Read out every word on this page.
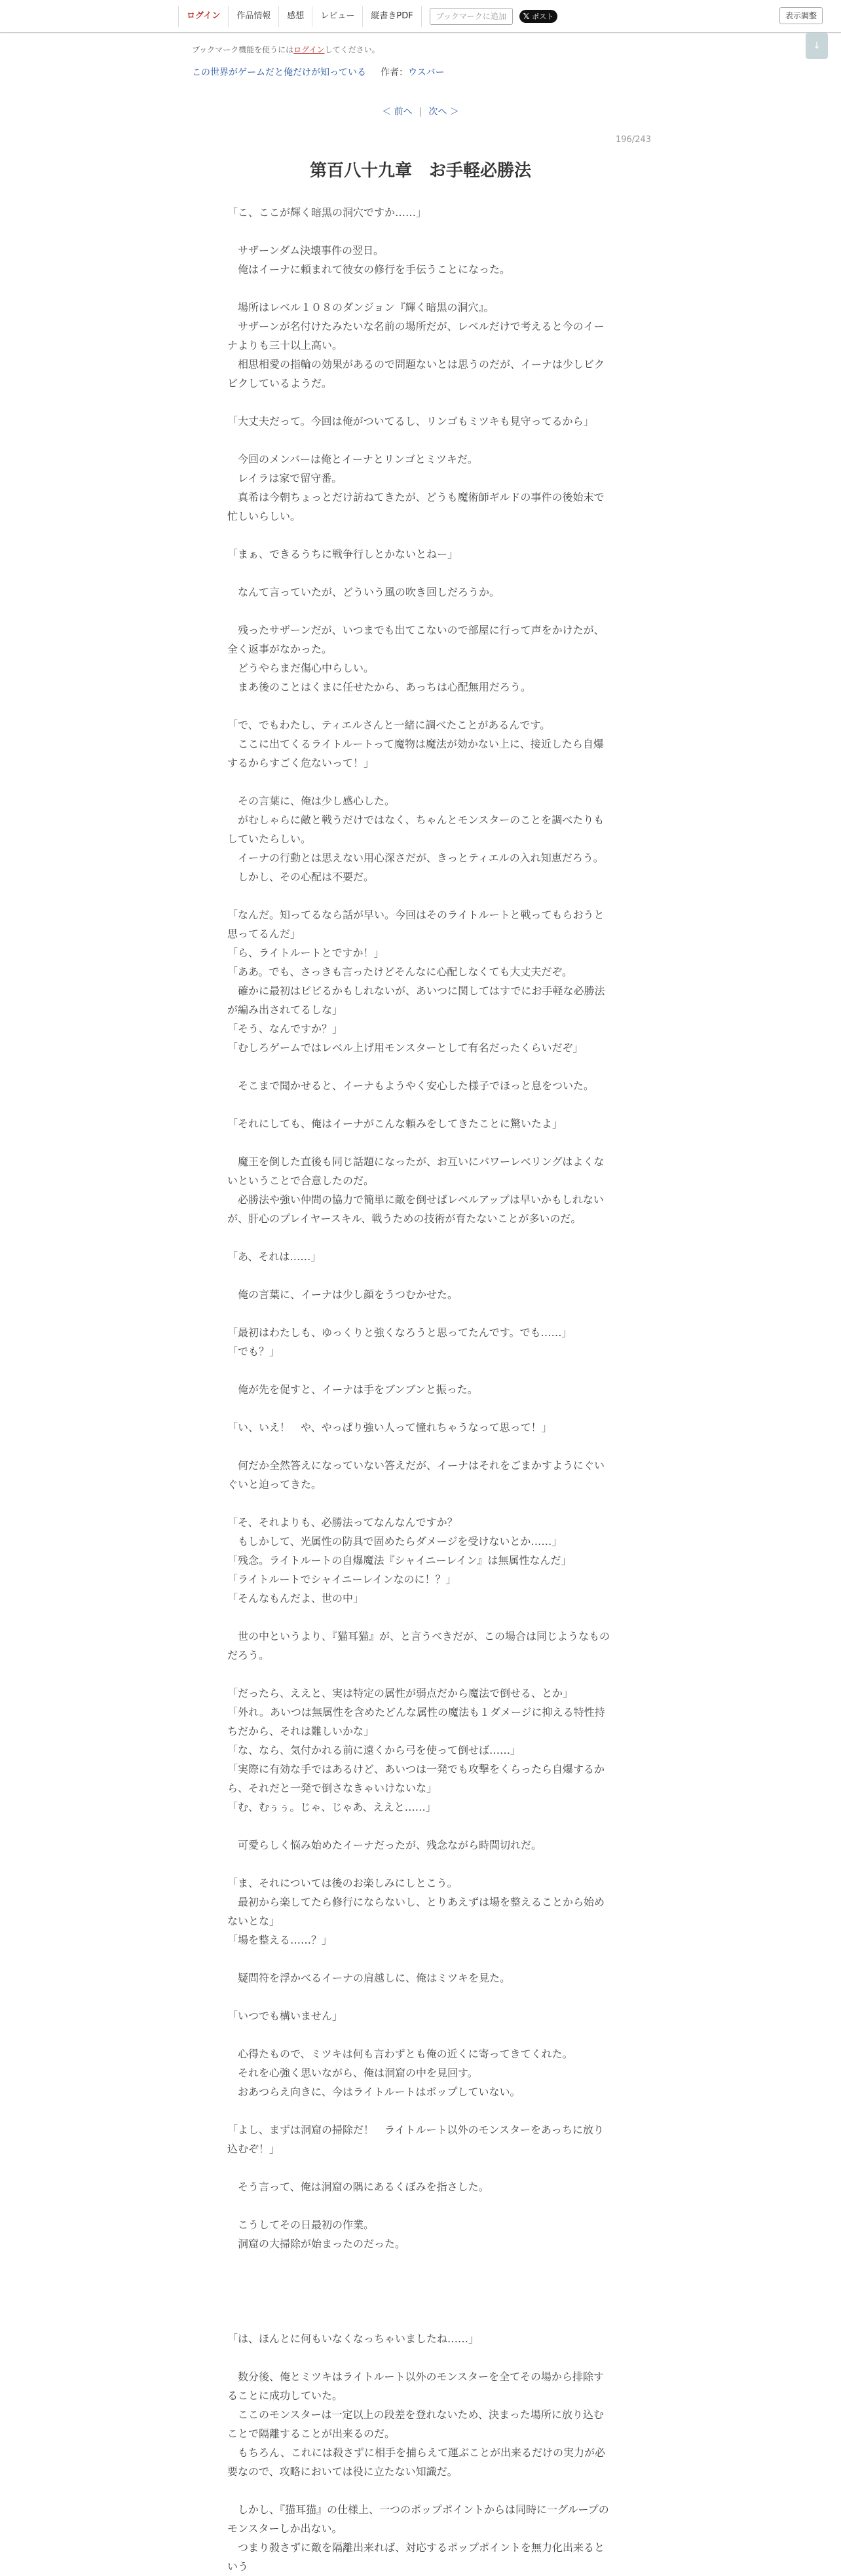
ログイン	作品情報	感想	レビュー	縦書きPDF	ブックマークに追加	𝕏 ポスト	表示調整
↓
ブックマーク機能を使うにはログインしてください。
この世界がゲームだと俺だけが知っている 作者：ウスバー
＜ 前へ | 次へ ＞
196/243
第百八十九章　お手軽必勝法

「こ、ここが輝く暗黒の洞穴ですか……」

　サザーンダム決壊事件の翌日。

　俺はイーナに頼まれて彼女の修行を手伝うことになった。

　場所はレベル１０８のダンジョン『輝く暗黒の洞穴』。

　サザーンが名付けたみたいな名前の場所だが、レベルだけで考えると今のイーナよりも三十以上高い。

　相思相愛の指輪の効果があるので問題ないとは思うのだが、イーナは少しビクビクしているようだ。

「大丈夫だって。今回は俺がついてるし、リンゴもミツキも見守ってるから」

　今回のメンバーは俺とイーナとリンゴとミツキだ。

　レイラは家で留守番。

　真希は今朝ちょっとだけ訪ねてきたが、どうも魔術師ギルドの事件の後始末で忙しいらしい。

「まぁ、できるうちに戦争行しとかないとねー」

　なんて言っていたが、どういう風の吹き回しだろうか。

　残ったサザーンだが、いつまでも出てこないので部屋に行って声をかけたが、全く返事がなかった。

　どうやらまだ傷心中らしい。

　まあ後のことはくまに任せたから、あっちは心配無用だろう。

「で、でもわたし、ティエルさんと一緒に調べたことがあるんです。

　ここに出てくるライトルートって魔物は魔法が効かない上に、接近したら自爆するからすごく危ないって！」

　その言葉に、俺は少し感心した。

　がむしゃらに敵と戦うだけではなく、ちゃんとモンスターのことを調べたりもしていたらしい。

　イーナの行動とは思えない用心深さだが、きっとティエルの入れ知恵だろう。

　しかし、その心配は不要だ。

「なんだ。知ってるなら話が早い。今回はそのライトルートと戦ってもらおうと思ってるんだ」

「ら、ライトルートとですか！」

「ああ。でも、さっきも言ったけどそんなに心配しなくても大丈夫だぞ。

　確かに最初はビビるかもしれないが、あいつに関してはすでにお手軽な必勝法が編み出されてるしな」

「そう、なんですか？」

「むしろゲームではレベル上げ用モンスターとして有名だったくらいだぞ」

　そこまで聞かせると、イーナもようやく安心した様子でほっと息をついた。

「それにしても、俺はイーナがこんな頼みをしてきたことに驚いたよ」

　魔王を倒した直後も同じ話題になったが、お互いにパワーレベリングはよくないということで合意したのだ。

　必勝法や強い仲間の協力で簡単に敵を倒せばレベルアップは早いかもしれないが、肝心のプレイヤースキル、戦うための技術が育たないことが多いのだ。

「あ、それは……」

　俺の言葉に、イーナは少し顔をうつむかせた。

「最初はわたしも、ゆっくりと強くなろうと思ってたんです。でも……」

「でも？」

　俺が先を促すと、イーナは手をブンブンと振った。

「い、いえ！　や、やっぱり強い人って憧れちゃうなって思って！」

　何だか全然答えになっていない答えだが、イーナはそれをごまかすようにぐいぐいと迫ってきた。

「そ、それよりも、必勝法ってなんなんですか？

　もしかして、光属性の防具で固めたらダメージを受けないとか……」

「残念。ライトルートの自爆魔法『シャイニーレイン』は無属性なんだ」

「ライトルートでシャイニーレインなのに！？」

「そんなもんだよ、世の中」

　世の中というより、『猫耳猫』が、と言うべきだが、この場合は同じようなものだろう。

「だったら、ええと、実は特定の属性が弱点だから魔法で倒せる、とか」

「外れ。あいつは無属性を含めたどんな属性の魔法も１ダメージに抑える特性持ちだから、それは難しいかな」

「な、なら、気付かれる前に遠くから弓を使って倒せば……」

「実際に有効な手ではあるけど、あいつは一発でも攻撃をくらったら自爆するから、それだと一発で倒さなきゃいけないな」

「む、むぅぅ。じゃ、じゃあ、ええと……」

　可愛らしく悩み始めたイーナだったが、残念ながら時間切れだ。

「ま、それについては後のお楽しみにしとこう。

　最初から楽してたら修行にならないし、とりあえずは場を整えることから始めないとな」

「場を整える……？」

　疑問符を浮かべるイーナの肩越しに、俺はミツキを見た。

「いつでも構いません」

　心得たもので、ミツキは何も言わずとも俺の近くに寄ってきてくれた。

　それを心強く思いながら、俺は洞窟の中を見回す。

　おあつらえ向きに、今はライトルートはポップしていない。

「よし、まずは洞窟の掃除だ！　ライトルート以外のモンスターをあっちに放り込むぞ！」

　そう言って、俺は洞窟の隅にあるくぼみを指さした。

　こうしてその日最初の作業。

　洞窟の大掃除が始まったのだった。

「は、ほんとに何もいなくなっちゃいましたね……」

　数分後、俺とミツキはライトルート以外のモンスターを全てその場から排除することに成功していた。

　ここのモンスターは一定以上の段差を登れないため、決まった場所に放り込むことで隔離することが出来るのだ。

　もちろん、これには殺さずに相手を捕らえて運ぶことが出来るだけの実力が必要なので、攻略においては役に立たない知識だ。

　しかし、『猫耳猫』の仕様上、一つのポップポイントからは同時に一グループのモンスターしか出ない。

　つまり殺さずに敵を隔離出来れば、対応するポップポイントを無力化出来るという
